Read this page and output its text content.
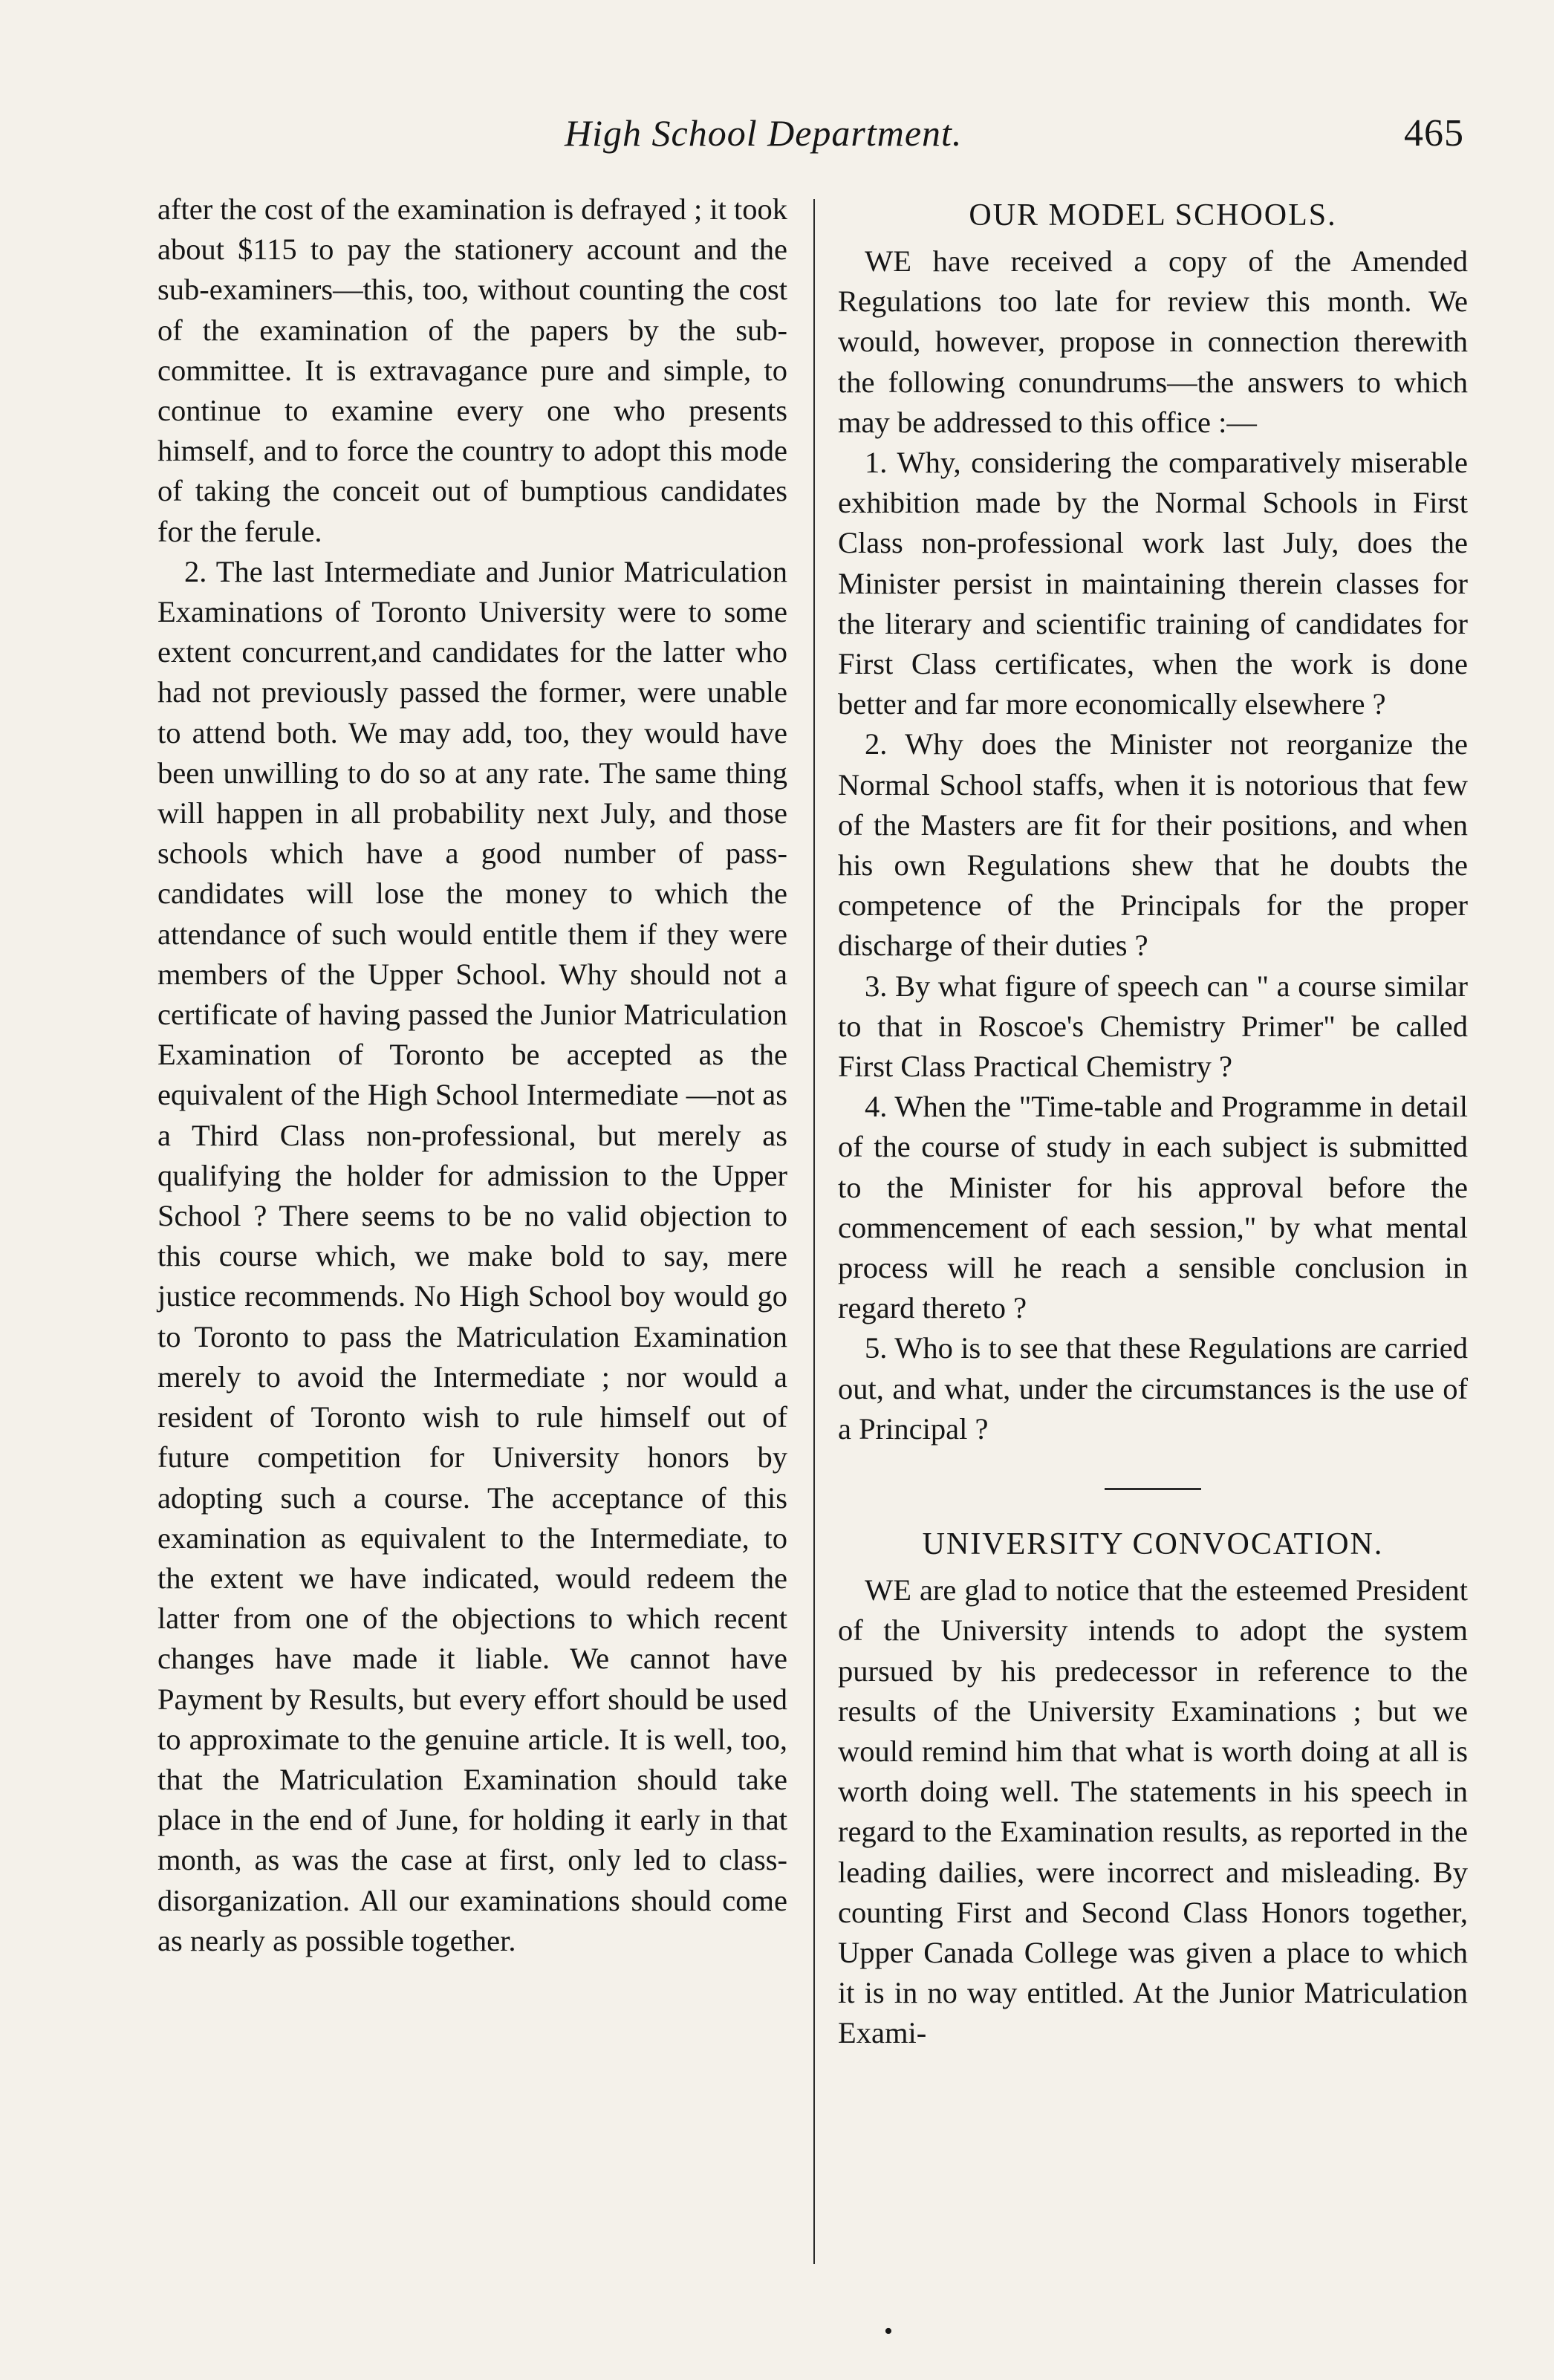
High School Department.	465

after the cost of the examination is defrayed ; it took about $115 to pay the stationery account and the sub-examiners—this, too, without counting the cost of the examination of the papers by the sub-committee. It is extravagance pure and simple, to continue to examine every one who presents himself, and to force the country to adopt this mode of taking the conceit out of bumptious candidates for the ferule.

2. The last Intermediate and Junior Matriculation Examinations of Toronto University were to some extent concurrent,and candidates for the latter who had not previously passed the former, were unable to attend both. We may add, too, they would have been unwilling to do so at any rate. The same thing will happen in all probability next July, and those schools which have a good number of pass-candidates will lose the money to which the attendance of such would entitle them if they were members of the Upper School. Why should not a certificate of having passed the Junior Matriculation Examination of Toronto be accepted as the equivalent of the High School Intermediate —not as a Third Class non-professional, but merely as qualifying the holder for admission to the Upper School ? There seems to be no valid objection to this course which, we make bold to say, mere justice recommends. No High School boy would go to Toronto to pass the Matriculation Examination merely to avoid the Intermediate ; nor would a resident of Toronto wish to rule himself out of future competition for University honors by adopting such a course. The acceptance of this examination as equivalent to the Intermediate, to the extent we have indicated, would redeem the latter from one of the objections to which recent changes have made it liable. We cannot have Payment by Results, but every effort should be used to approximate to the genuine article. It is well, too, that the Matriculation Examination should take place in the end of June, for holding it early in that month, as was the case at first, only led to class-disorganization. All our examinations should come as nearly as possible together.

OUR MODEL SCHOOLS.

WE have received a copy of the Amended Regulations too late for review this month. We would, however, propose in connection therewith the following conundrums—the answers to which may be addressed to this office :—

1. Why, considering the comparatively miserable exhibition made by the Normal Schools in First Class non-professional work last July, does the Minister persist in maintaining therein classes for the literary and scientific training of candidates for First Class certificates, when the work is done better and far more economically elsewhere ?

2. Why does the Minister not reorganize the Normal School staffs, when it is notorious that few of the Masters are fit for their positions, and when his own Regulations shew that he doubts the competence of the Principals for the proper discharge of their duties ?

3. By what figure of speech can " a course similar to that in Roscoe's Chemistry Primer" be called First Class Practical Chemistry ?

4. When the "Time-table and Programme in detail of the course of study in each subject is submitted to the Minister for his approval before the commencement of each session," by what mental process will he reach a sensible conclusion in regard thereto ?

5. Who is to see that these Regulations are carried out, and what, under the circumstances is the use of a Principal ?

UNIVERSITY CONVOCATION.

WE are glad to notice that the esteemed President of the University intends to adopt the system pursued by his predecessor in reference to the results of the University Examinations ; but we would remind him that what is worth doing at all is worth doing well. The statements in his speech in regard to the Examination results, as reported in the leading dailies, were incorrect and misleading. By counting First and Second Class Honors together, Upper Canada College was given a place to which it is in no way entitled. At the Junior Matriculation Exami-

•
